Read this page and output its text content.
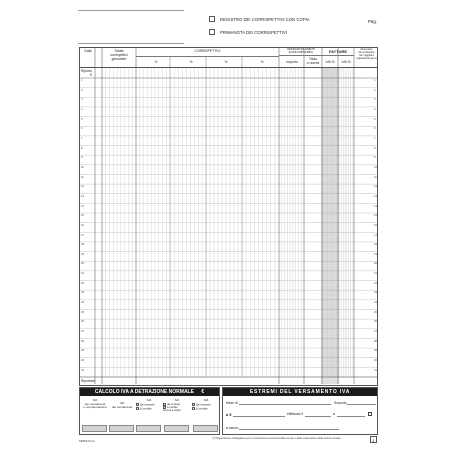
REGISTRO DEI CORRISPETTIVI CON COPIA
PRIMANOTA DEI CORRISPETTIVI
Pag.
Data	Totale
corrispettivi
giornalieri
CORRISPETTIVI
%	%	%	%
OPERAZIONI ESENTI
E NON IMPONIBILI
Importo
Titolo
o norma
FATTURE
IVA %	IVA %
Ammontare
dei corrispettivi
non soggetti a
registrazione (art.1)
Riporto
€
Riportare
1	1
2	2
3	3
4	4
5	5
6	6
7	7
8	8
9	9
10	10
11	11
12	12
13	13
14	14
15	15
16	16
17	17
18	18
19	19
20	20
21	21
22	22
23	23
24	24
25	25
26	26
27	27
28	28
29	29
30	30
31	31
CALCOLO IVA A DETRAZIONE NORMALE €
IVA
per versamenti
o compensazioni
IVA
dei versamenti
IVA
da versare
a credito
IVA
da versare
a credito
da porsi a credito
IVA
da versare
a credito
ESTREMI DEL VERSAMENTO IVA
Mese di	l'Importo
a €	effettuato il	a
a mezzo
MM5424 (c)
(*) Registrazione obbligatoria per le transazioni eccezionali dalla tenuta o dalle registrazioni della sezione fiscale.	1
